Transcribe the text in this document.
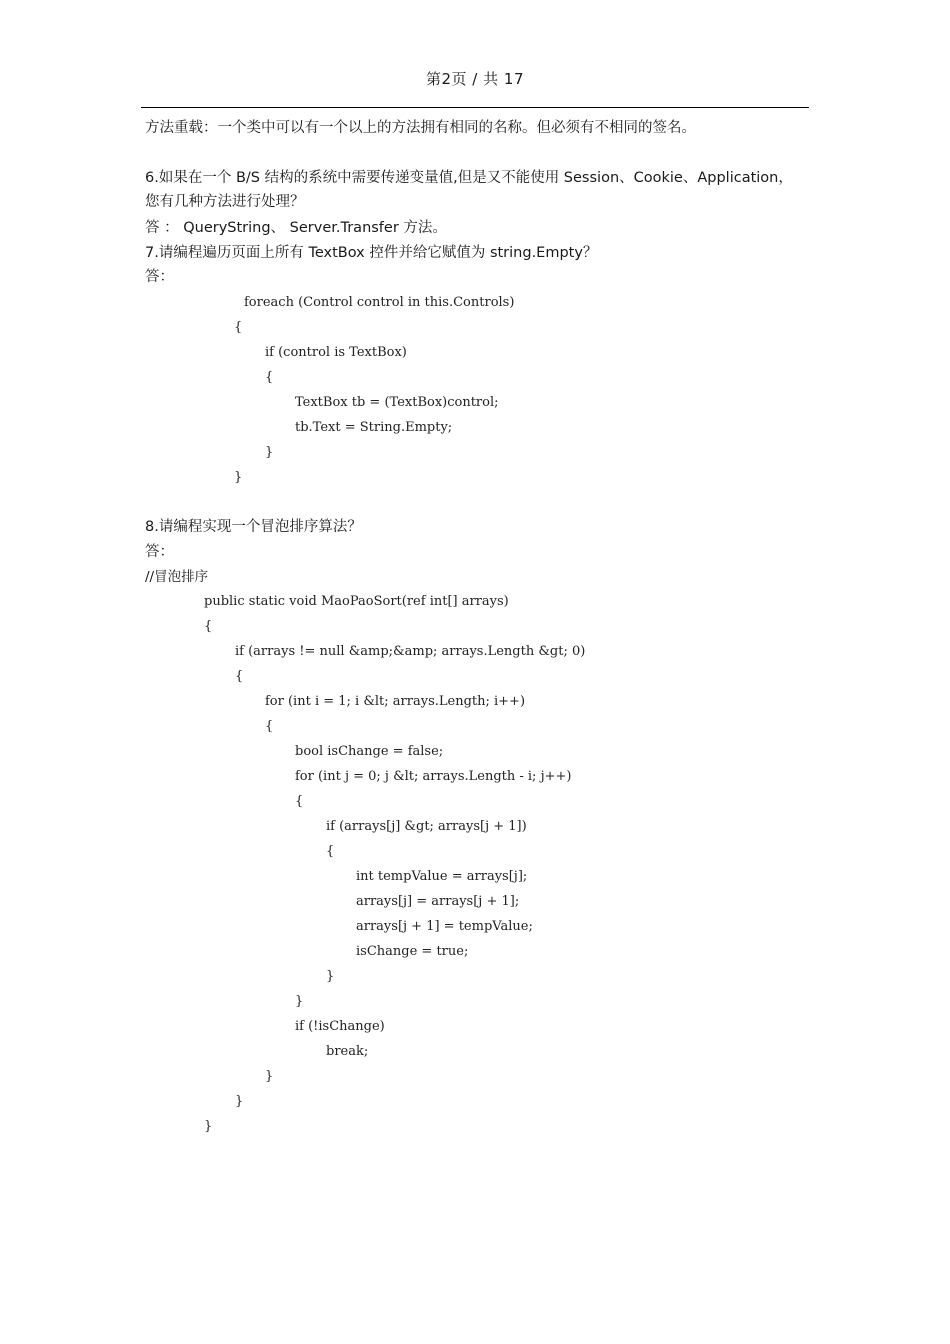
第2页 / 共 17
方法重载：一个类中可以有一个以上的方法拥有相同的名称。但必须有不相同的签名。
6.如果在一个 B/S 结构的系统中需要传递变量值,但是又不能使用 Session、Cookie、Application，
您有几种方法进行处理？
答 ： QueryString、 Server.Transfer 方法。
7.请编程遍历页面上所有 TextBox 控件并给它赋值为 string.Empty？
答：
foreach (Control control in this.Controls)
{
if (control is TextBox)
{
TextBox tb = (TextBox)control;
tb.Text = String.Empty;
}
}
8.请编程实现一个冒泡排序算法？
答：
//冒泡排序
public static void MaoPaoSort(ref int[] arrays)
{
if (arrays != null &amp;&amp; arrays.Length &gt; 0)
{
for (int i = 1; i &lt; arrays.Length; i++)
{
bool isChange = false;
for (int j = 0; j &lt; arrays.Length - i; j++)
{
if (arrays[j] &gt; arrays[j + 1])
{
int tempValue = arrays[j];
arrays[j] = arrays[j + 1];
arrays[j + 1] = tempValue;
isChange = true;
}
}
if (!isChange)
break;
}
}
}
